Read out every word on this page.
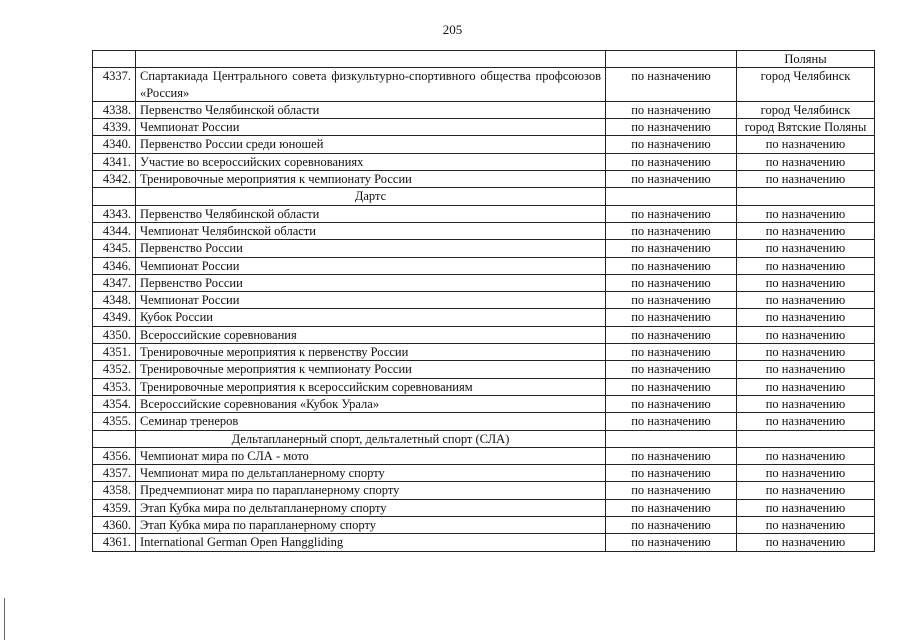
205
			Поляны
4337.	Спартакиада Центрального совета физкультурно-спортивного общества профсоюзов «Россия»	по назначению	город Челябинск
4338.	Первенство Челябинской области	по назначению	город Челябинск
4339.	Чемпионат России	по назначению	город Вятские Поляны
4340.	Первенство России среди юношей	по назначению	по назначению
4341.	Участие во всероссийских соревнованиях	по назначению	по назначению
4342.	Тренировочные мероприятия к чемпионату России	по назначению	по назначению
	Дартс		
4343.	Первенство Челябинской области	по назначению	по назначению
4344.	Чемпионат Челябинской области	по назначению	по назначению
4345.	Первенство России	по назначению	по назначению
4346.	Чемпионат России	по назначению	по назначению
4347.	Первенство России	по назначению	по назначению
4348.	Чемпионат России	по назначению	по назначению
4349.	Кубок России	по назначению	по назначению
4350.	Всероссийские соревнования	по назначению	по назначению
4351.	Тренировочные мероприятия к первенству России	по назначению	по назначению
4352.	Тренировочные мероприятия к чемпионату России	по назначению	по назначению
4353.	Тренировочные мероприятия к всероссийским соревнованиям	по назначению	по назначению
4354.	Всероссийские соревнования «Кубок Урала»	по назначению	по назначению
4355.	Семинар тренеров	по назначению	по назначению
	Дельтапланерный спорт, дельталетный спорт (СЛА)		
4356.	Чемпионат мира по СЛА - мото	по назначению	по назначению
4357.	Чемпионат мира по дельтапланерному спорту	по назначению	по назначению
4358.	Предчемпионат мира по парапланерному спорту	по назначению	по назначению
4359.	Этап Кубка мира по дельтапланерному спорту	по назначению	по назначению
4360.	Этап Кубка мира по парапланерному спорту	по назначению	по назначению
4361.	International German Open Hanggliding	по назначению	по назначению
